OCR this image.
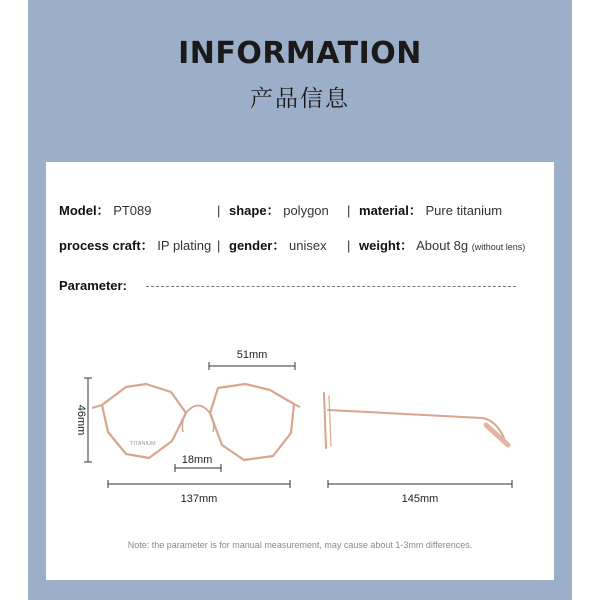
INFORMATION
产品信息
Model： PT089	| shape： polygon | material： Pure titanium
process craft： IP plating | gender： unisex | weight： About 8g (without lens)
Parameter:
51mm
46mm
TITANIUM
18mm
137mm	145mm
Note: the parameter is for manual measurement, may cause about 1-3mm differences.
